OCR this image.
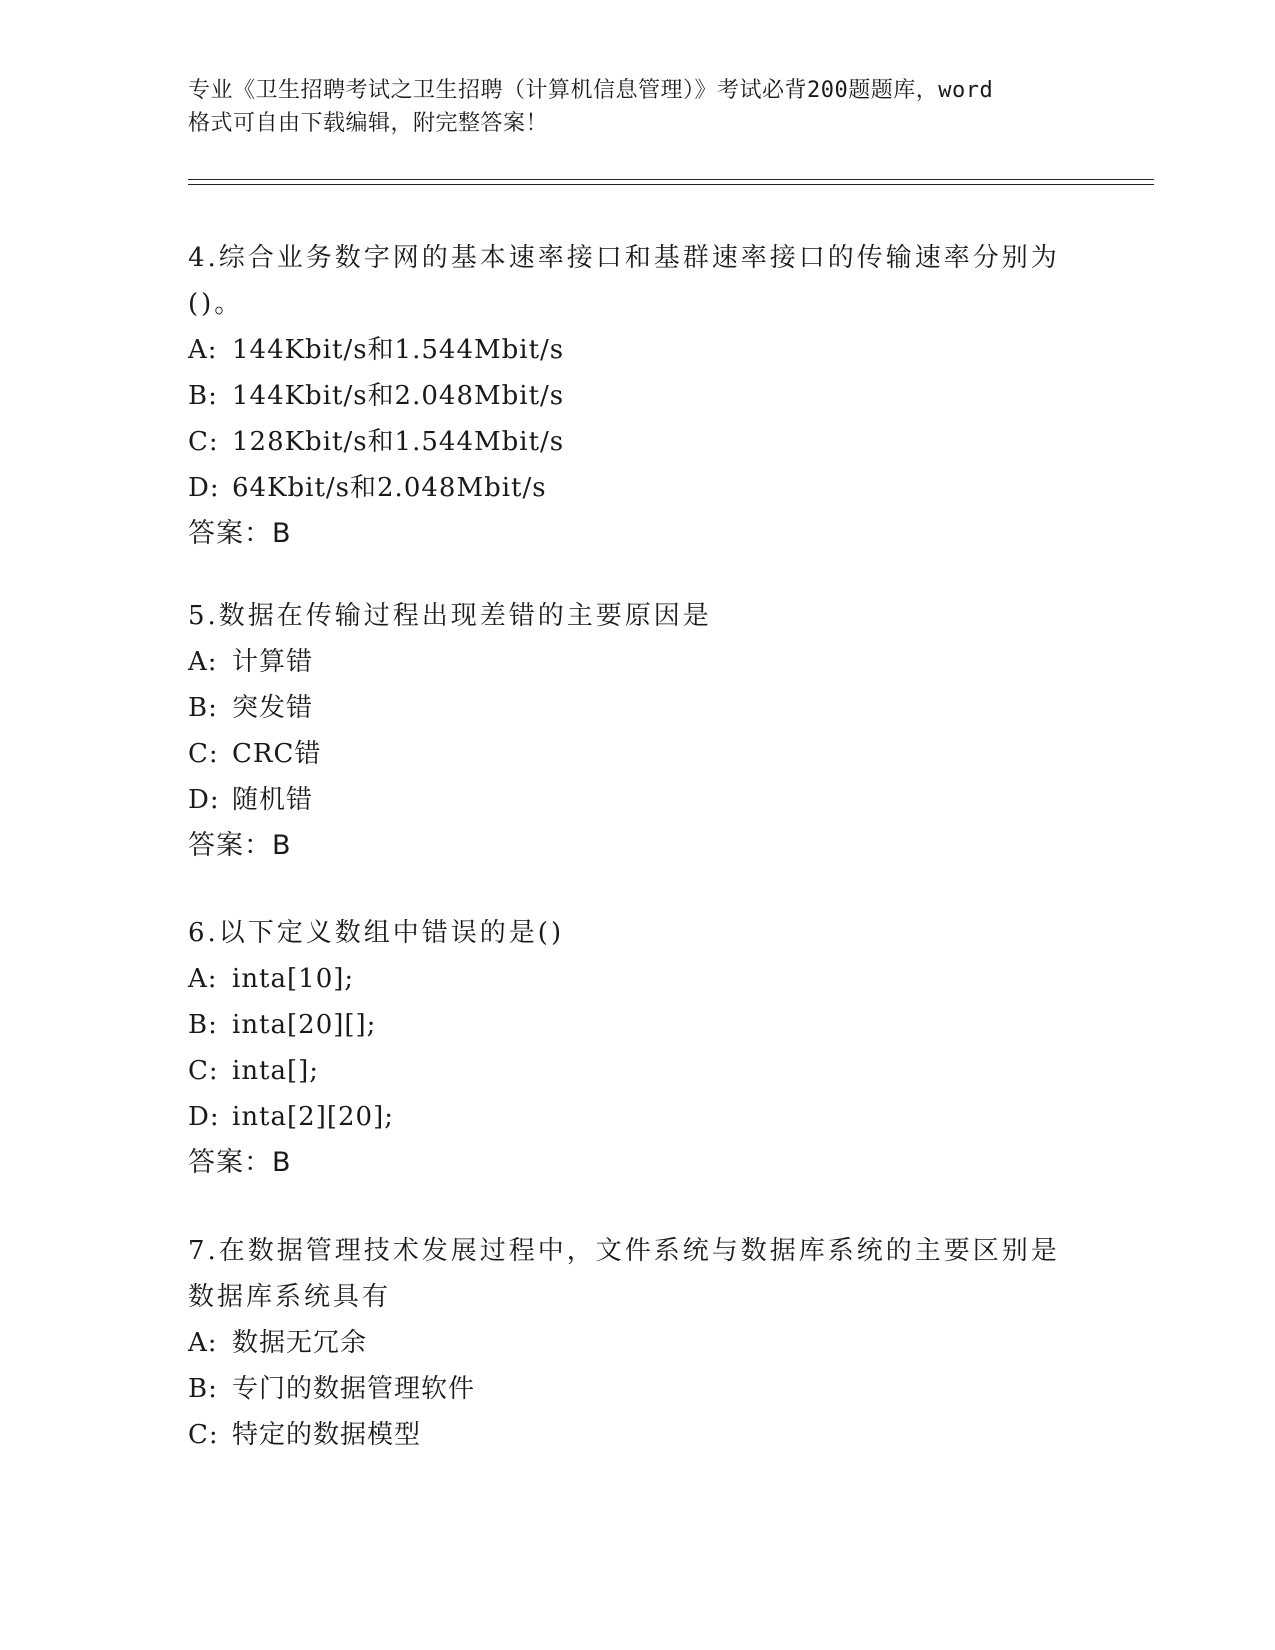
专业《卫生招聘考试之卫生招聘（计算机信息管理）》考试必背200题题库，word
格式可自由下载编辑，附完整答案！
4.综合业务数字网的基本速率接口和基群速率接口的传输速率分别为
()。
A: 144Kbit/s和1.544Mbit/s
B: 144Kbit/s和2.048Mbit/s
C: 128Kbit/s和1.544Mbit/s
D: 64Kbit/s和2.048Mbit/s
答案：B
5.数据在传输过程出现差错的主要原因是
A: 计算错
B: 突发错
C: CRC错
D: 随机错
答案：B
6.以下定义数组中错误的是()
A: inta[10];
B: inta[20][];
C: inta[];
D: inta[2][20];
答案：B
7.在数据管理技术发展过程中，文件系统与数据库系统的主要区别是
数据库系统具有
A: 数据无冗余
B: 专门的数据管理软件
C: 特定的数据模型
